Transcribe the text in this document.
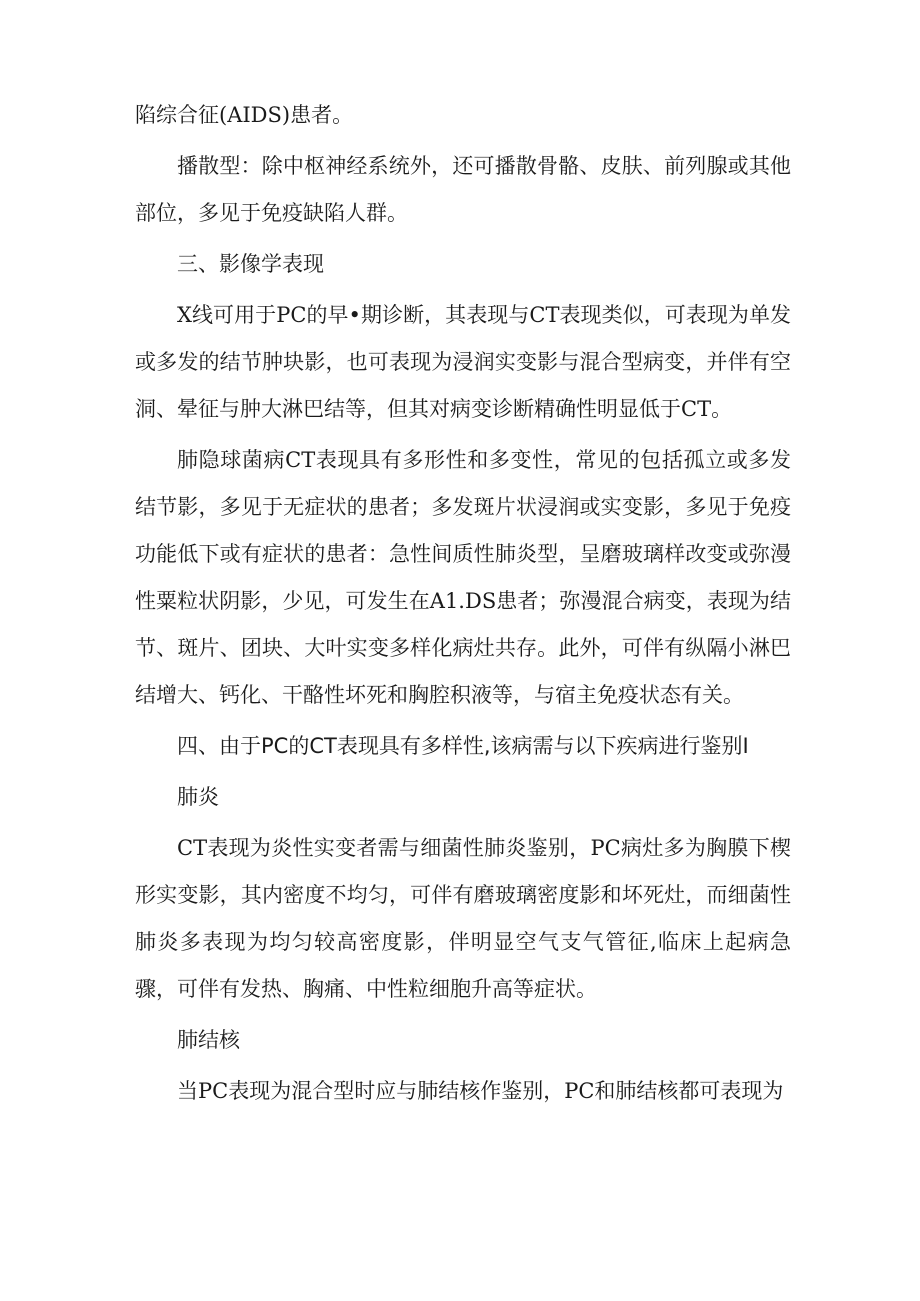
陷综合征(AIDS)患者。

播散型：除中枢神经系统外，还可播散骨骼、皮肤、前列腺或其他部位，多见于免疫缺陷人群。

三、影像学表现

X线可用于PC的早•期诊断，其表现与CT表现类似，可表现为单发或多发的结节肿块影，也可表现为浸润实变影与混合型病变，并伴有空洞、晕征与肿大淋巴结等，但其对病变诊断精确性明显低于CT。

肺隐球菌病CT表现具有多形性和多变性，常见的包括孤立或多发结节影，多见于无症状的患者；多发斑片状浸润或实变影，多见于免疫功能低下或有症状的患者：急性间质性肺炎型，呈磨玻璃样改变或弥漫性粟粒状阴影，少见，可发生在A1.DS患者；弥漫混合病变，表现为结节、斑片、团块、大叶实变多样化病灶共存。此外，可伴有纵隔小淋巴结增大、钙化、干酪性坏死和胸腔积液等，与宿主免疫状态有关。

四、由于PC的CT表现具有多样性,该病需与以下疾病进行鉴别I

肺炎

CT表现为炎性实变者需与细菌性肺炎鉴别，PC病灶多为胸膜下楔形实变影，其内密度不均匀，可伴有磨玻璃密度影和坏死灶，而细菌性肺炎多表现为均匀较高密度影，伴明显空气支气管征,临床上起病急骤，可伴有发热、胸痛、中性粒细胞升高等症状。

肺结核

当PC表现为混合型时应与肺结核作鉴别，PC和肺结核都可表现为
